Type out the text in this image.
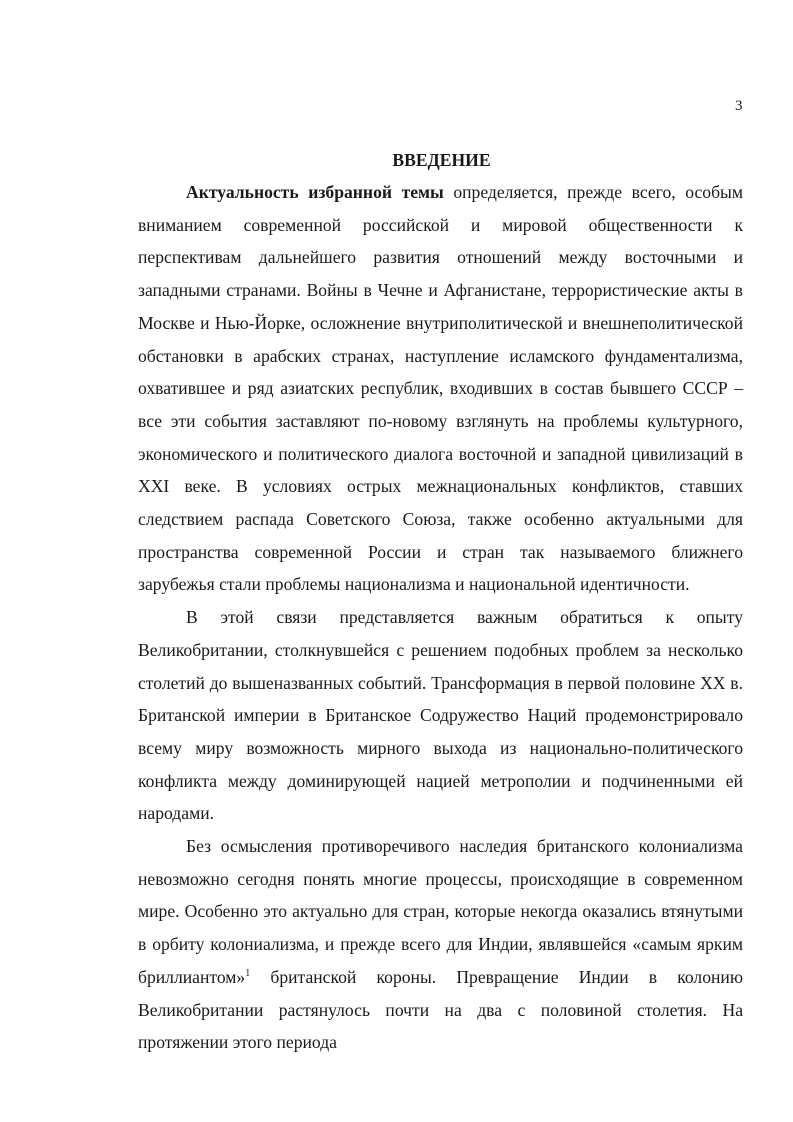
3
ВВЕДЕНИЕ

Актуальность избранной темы определяется, прежде всего, особым вниманием современной российской и мировой общественности к перспективам дальнейшего развития отношений между восточными и западными странами. Войны в Чечне и Афганистане, террористические акты в Москве и Нью-Йорке, осложнение внутриполитической и внешнеполитической обстановки в арабских странах, наступление исламского фундаментализма, охватившее и ряд азиатских республик, входивших в состав бывшего СССР – все эти события заставляют по-новому взглянуть на проблемы культурного, экономического и политического диалога восточной и западной цивилизаций в XXI веке. В условиях острых межнациональных конфликтов, ставших следствием распада Советского Союза, также особенно актуальными для пространства современной России и стран так называемого ближнего зарубежья стали проблемы национализма и национальной идентичности.

В этой связи представляется важным обратиться к опыту Великобритании, столкнувшейся с решением подобных проблем за несколько столетий до вышеназванных событий. Трансформация в первой половине XX в. Британской империи в Британское Содружество Наций продемонстрировало всему миру возможность мирного выхода из национально-политического конфликта между доминирующей нацией метрополии и подчиненными ей народами.

Без осмысления противоречивого наследия британского колониализма невозможно сегодня понять многие процессы, происходящие в современном мире. Особенно это актуально для стран, которые некогда оказались втянутыми в орбиту колониализма, и прежде всего для Индии, являвшейся «самым ярким бриллиантом»$^1$ британской короны. Превращение Индии в колонию Великобритании растянулось почти на два с половиной столетия. На протяжении этого периода
